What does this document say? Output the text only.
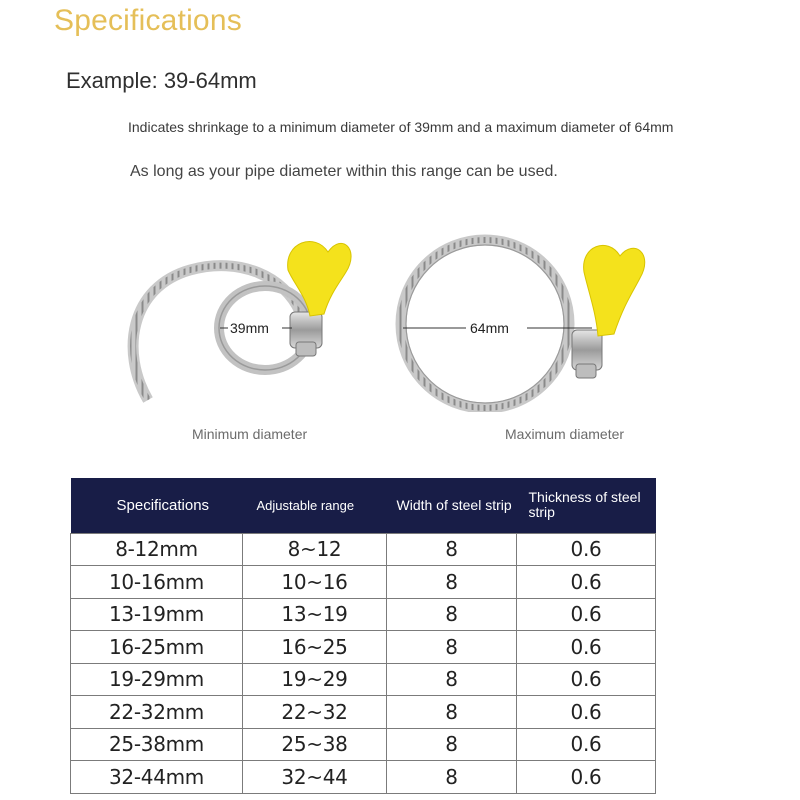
Specifications
Example: 39-64mm
Indicates shrinkage to a minimum diameter of 39mm and a maximum diameter of 64mm
As long as your pipe diameter within this range can be used.
39mm	64mm
Minimum diameter	Maximum diameter
Specifications	Adjustable range	Width of steel strip	Thickness of steel strip
8-12mm	8~12	8	0.6
10-16mm	10~16	8	0.6
13-19mm	13~19	8	0.6
16-25mm	16~25	8	0.6
19-29mm	19~29	8	0.6
22-32mm	22~32	8	0.6
25-38mm	25~38	8	0.6
32-44mm	32~44	8	0.6
